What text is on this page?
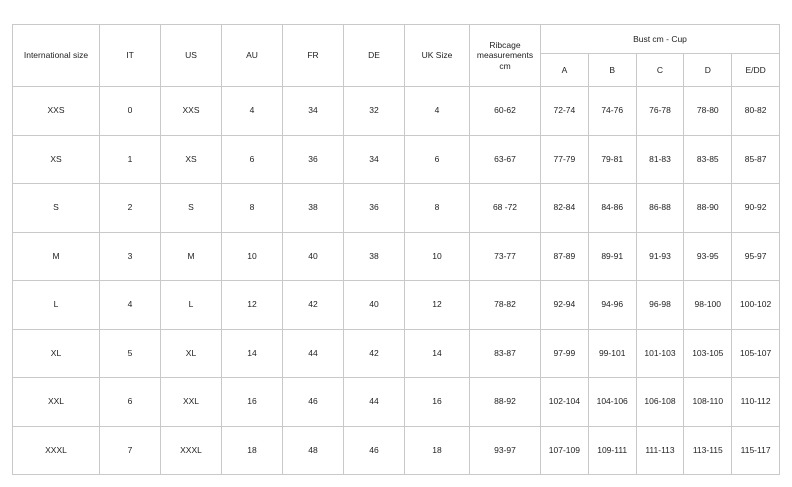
International size	IT	US	AU	FR	DE	UK Size	Ribcage measurements cm	Bust cm - Cup				
								A	B	C	D	E/DD
XXS	0	XXS	4	34	32	4	60-62	72-74	74-76	76-78	78-80	80-82
XS	1	XS	6	36	34	6	63-67	77-79	79-81	81-83	83-85	85-87
S	2	S	8	38	36	8	68 -72	82-84	84-86	86-88	88-90	90-92
M	3	M	10	40	38	10	73-77	87-89	89-91	91-93	93-95	95-97
L	4	L	12	42	40	12	78-82	92-94	94-96	96-98	98-100	100-102
XL	5	XL	14	44	42	14	83-87	97-99	99-101	101-103	103-105	105-107
XXL	6	XXL	16	46	44	16	88-92	102-104	104-106	106-108	108-110	110-112
XXXL	7	XXXL	18	48	46	18	93-97	107-109	109-111	111-113	113-115	115-117
